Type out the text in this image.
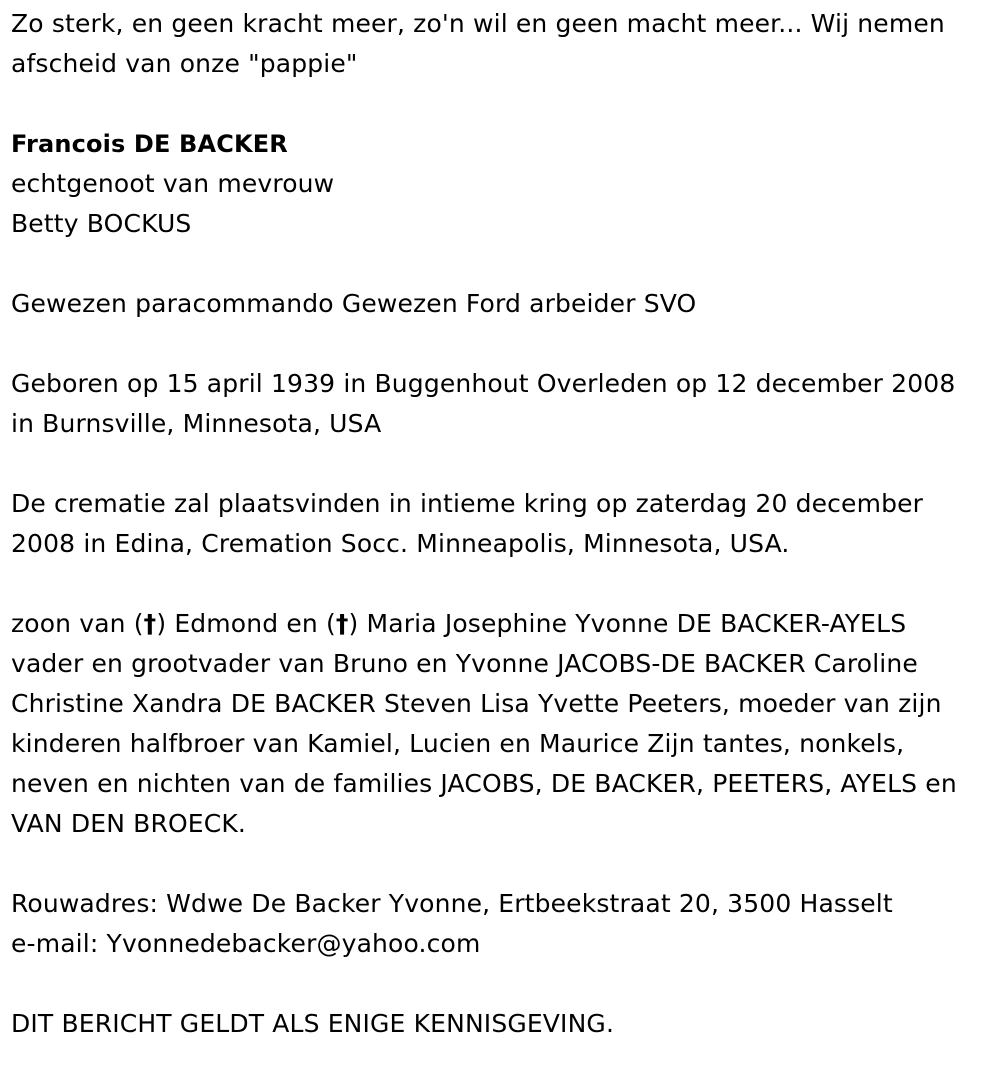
Zo sterk, en geen kracht meer, zo'n wil en geen macht meer... Wij nemen
afscheid van onze "pappie"
Francois DE BACKER
echtgenoot van mevrouw
Betty BOCKUS
Gewezen paracommando Gewezen Ford arbeider SVO
Geboren op 15 april 1939 in Buggenhout Overleden op 12 december 2008
in Burnsville, Minnesota, USA
De crematie zal plaatsvinden in intieme kring op zaterdag 20 december
2008 in Edina, Cremation Socc. Minneapolis, Minnesota, USA.
zoon van (†) Edmond en (†) Maria Josephine Yvonne DE BACKER-AYELS
vader en grootvader van Bruno en Yvonne JACOBS-DE BACKER Caroline
Christine Xandra DE BACKER Steven Lisa Yvette Peeters, moeder van zijn
kinderen halfbroer van Kamiel, Lucien en Maurice Zijn tantes, nonkels,
neven en nichten van de families JACOBS, DE BACKER, PEETERS, AYELS en
VAN DEN BROECK.
Rouwadres: Wdwe De Backer Yvonne, Ertbeekstraat 20, 3500 Hasselt
e-mail: Yvonnedebacker@yahoo.com
DIT BERICHT GELDT ALS ENIGE KENNISGEVING.
